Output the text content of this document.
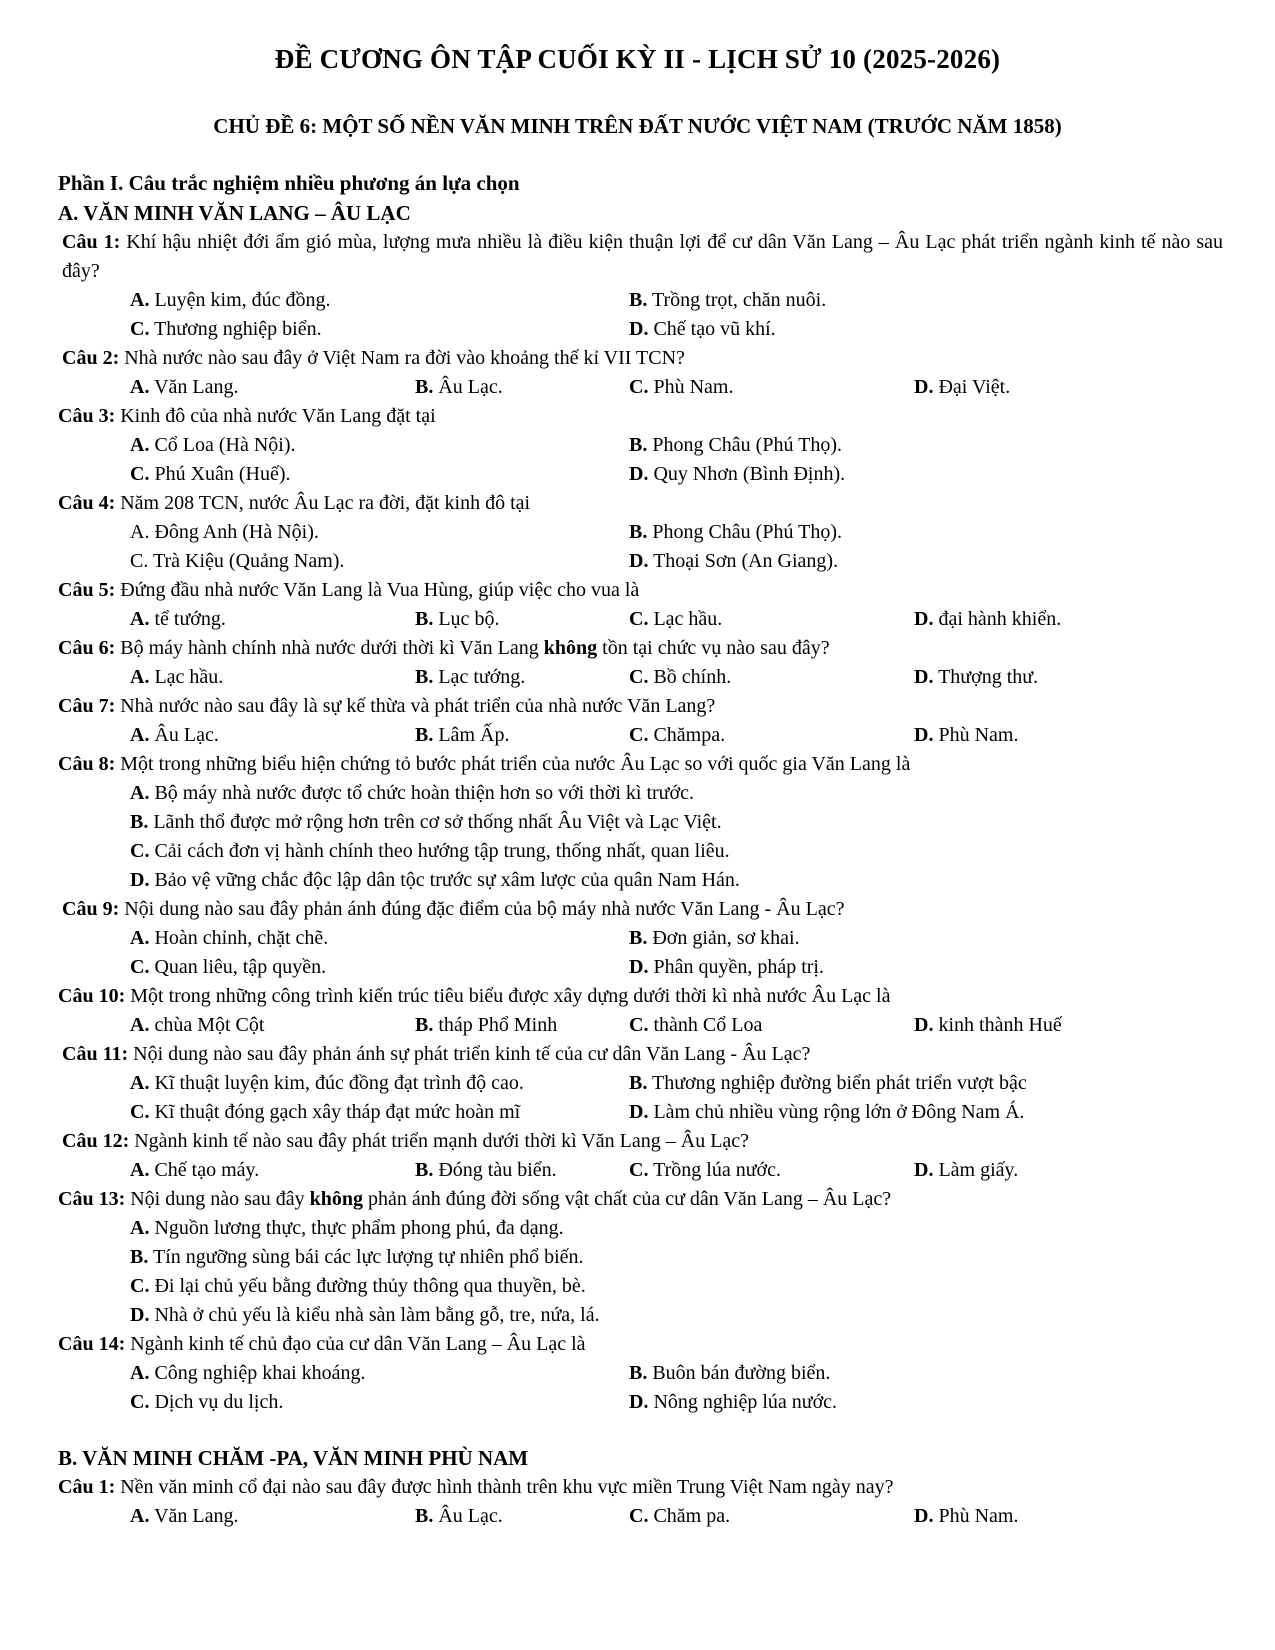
ĐỀ CƯƠNG ÔN TẬP CUỐI KỲ II - LỊCH SỬ 10 (2025-2026)
CHỦ ĐỀ 6: MỘT SỐ NỀN VĂN MINH TRÊN ĐẤT NƯỚC VIỆT NAM (TRƯỚC NĂM 1858)
Phần I. Câu trắc nghiệm nhiều phương án lựa chọn
A. VĂN MINH VĂN LANG – ÂU LẠC
Câu 1: Khí hậu nhiệt đới ẩm gió mùa, lượng mưa nhiều là điều kiện thuận lợi để cư dân Văn Lang – Âu Lạc phát triển ngành kinh tế nào sau đây?
A. Luyện kim, đúc đồng.	B. Trồng trọt, chăn nuôi.
C. Thương nghiệp biển.	D. Chế tạo vũ khí.
Câu 2: Nhà nước nào sau đây ở Việt Nam ra đời vào khoảng thế kỉ VII TCN?
A. Văn Lang.	B. Âu Lạc.	C. Phù Nam.	D. Đại Việt.
Câu 3: Kinh đô của nhà nước Văn Lang đặt tại
A. Cổ Loa (Hà Nội).	B. Phong Châu (Phú Thọ).
C. Phú Xuân (Huế).	D. Quy Nhơn (Bình Định).
Câu 4: Năm 208 TCN, nước Âu Lạc ra đời, đặt kinh đô tại
A. Đông Anh (Hà Nội).	B. Phong Châu (Phú Thọ).
C. Trà Kiệu (Quảng Nam).	D. Thoại Sơn (An Giang).
Câu 5: Đứng đầu nhà nước Văn Lang là Vua Hùng, giúp việc cho vua là
A. tể tướng.	B. Lục bộ.	C. Lạc hầu.	D. đại hành khiển.
Câu 6: Bộ máy hành chính nhà nước dưới thời kì Văn Lang không tồn tại chức vụ nào sau đây?
A. Lạc hầu.	B. Lạc tướng.	C. Bồ chính.	D. Thượng thư.
Câu 7: Nhà nước nào sau đây là sự kế thừa và phát triển của nhà nước Văn Lang?
A. Âu Lạc.	B. Lâm Ấp.	C. Chămpa.	D. Phù Nam.
Câu 8: Một trong những biểu hiện chứng tỏ bước phát triển của nước Âu Lạc so với quốc gia Văn Lang là
A. Bộ máy nhà nước được tổ chức hoàn thiện hơn so với thời kì trước.
B. Lãnh thổ được mở rộng hơn trên cơ sở thống nhất Âu Việt và Lạc Việt.
C. Cải cách đơn vị hành chính theo hướng tập trung, thống nhất, quan liêu.
D. Bảo vệ vững chắc độc lập dân tộc trước sự xâm lược của quân Nam Hán.
Câu 9: Nội dung nào sau đây phản ánh đúng đặc điểm của bộ máy nhà nước Văn Lang - Âu Lạc?
A. Hoàn chỉnh, chặt chẽ.	B. Đơn giản, sơ khai.
C. Quan liêu, tập quyền.	D. Phân quyền, pháp trị.
Câu 10: Một trong những công trình kiến trúc tiêu biểu được xây dựng dưới thời kì nhà nước Âu Lạc là
A. chùa Một Cột	B. tháp Phổ Minh	C. thành Cổ Loa	D. kinh thành Huế
Câu 11: Nội dung nào sau đây phản ánh sự phát triển kinh tế của cư dân Văn Lang - Âu Lạc?
A. Kĩ thuật luyện kim, đúc đồng đạt trình độ cao.	B. Thương nghiệp đường biển phát triển vượt bậc
C. Kĩ thuật đóng gạch xây tháp đạt mức hoàn mĩ	D. Làm chủ nhiều vùng rộng lớn ở Đông Nam Á.
Câu 12: Ngành kinh tế nào sau đây phát triển mạnh dưới thời kì Văn Lang – Âu Lạc?
A. Chế tạo máy.	B. Đóng tàu biển.	C. Trồng lúa nước.	D. Làm giấy.
Câu 13: Nội dung nào sau đây không phản ánh đúng đời sống vật chất của cư dân Văn Lang – Âu Lạc?
A. Nguồn lương thực, thực phẩm phong phú, đa dạng.
B. Tín ngưỡng sùng bái các lực lượng tự nhiên phổ biến.
C. Đi lại chủ yếu bằng đường thủy thông qua thuyền, bè.
D. Nhà ở chủ yếu là kiểu nhà sàn làm bằng gỗ, tre, nứa, lá.
Câu 14: Ngành kinh tế chủ đạo của cư dân Văn Lang – Âu Lạc là
A. Công nghiệp khai khoáng.	B. Buôn bán đường biển.
C. Dịch vụ du lịch.	D. Nông nghiệp lúa nước.
B. VĂN MINH CHĂM -PA, VĂN MINH PHÙ NAM
Câu 1: Nền văn minh cổ đại nào sau đây được hình thành trên khu vực miền Trung Việt Nam ngày nay?
A. Văn Lang.	B. Âu Lạc.	C. Chăm pa.	D. Phù Nam.
